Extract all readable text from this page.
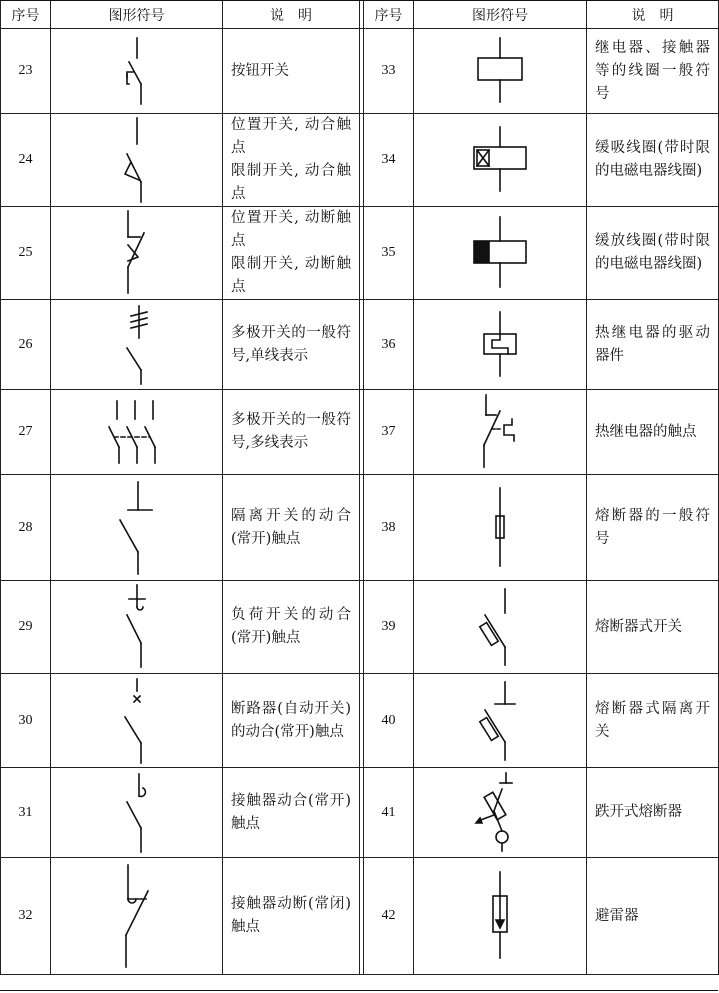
序号	图形符号	说　明		序号	图形符号	说　明
23		按钮开关		33		继电器、接触器等的线圈一般符号

24		位置开关, 动合触点
限制开关, 动合触点		34		缓吸线圈(带时限的电磁电器线圈)

25		位置开关, 动断触点
限制开关, 动断触点		35		缓放线圈(带时限的电磁电器线圈)

26		多极开关的一般符号,单线表示		36		热继电器的驱动器件

27		多极开关的一般符号,多线表示		37		热继电器的触点

28		隔离开关的动合(常开)触点		38		熔断器的一般符号

29		负荷开关的动合(常开)触点		39		熔断器式开关

30		断路器(自动开关)的动合(常开)触点		40		熔断器式隔离开关

31		接触器动合(常开)触点		41		跌开式熔断器

32		接触器动断(常闭)触点		42		避雷器
